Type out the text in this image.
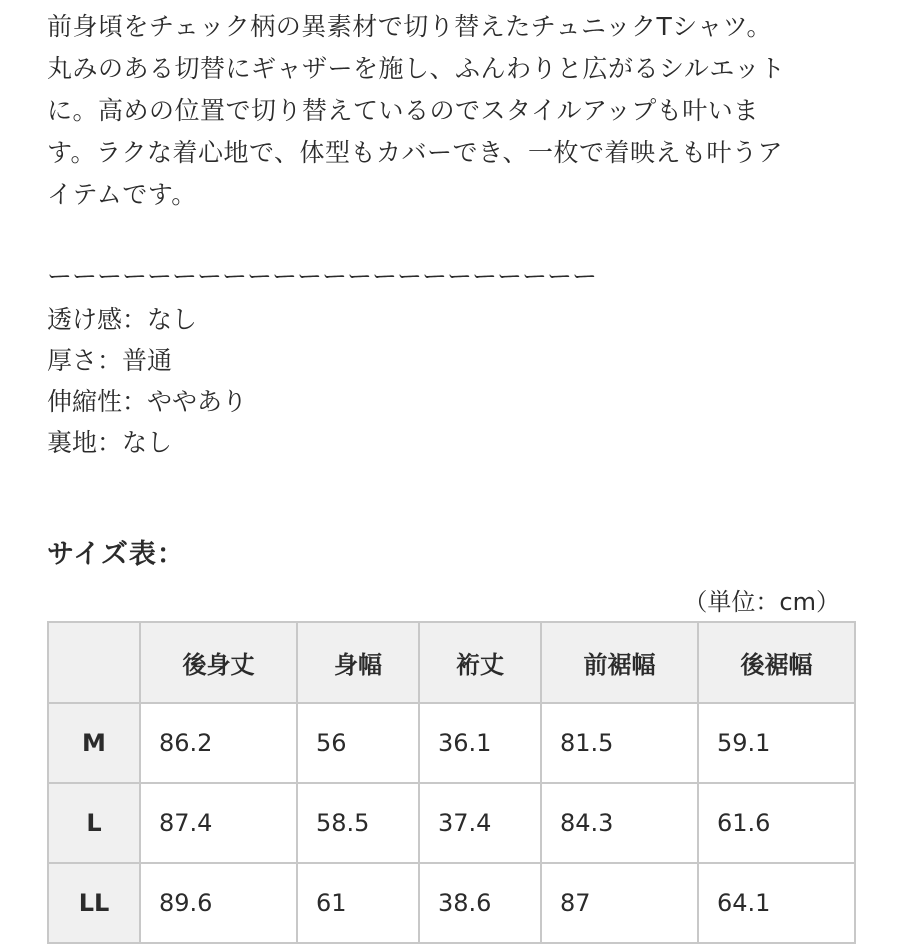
前身頃をチェック柄の異素材で切り替えたチュニックTシャツ。
丸みのある切替にギャザーを施し、ふんわりと広がるシルエット
に。高めの位置で切り替えているのでスタイルアップも叶いま
す。ラクな着心地で、体型もカバーでき、一枚で着映えも叶うア
イテムです。
ーーーーーーーーーーーーーーーーーーーーーー
透け感：なし
厚さ：普通
伸縮性：ややあり
裏地：なし
サイズ表：
（単位：cm）
	後身丈	身幅	裄丈	前裾幅	後裾幅
M	86.2	56	36.1	81.5	59.1
L	87.4	58.5	37.4	84.3	61.6
LL	89.6	61	38.6	87	64.1
